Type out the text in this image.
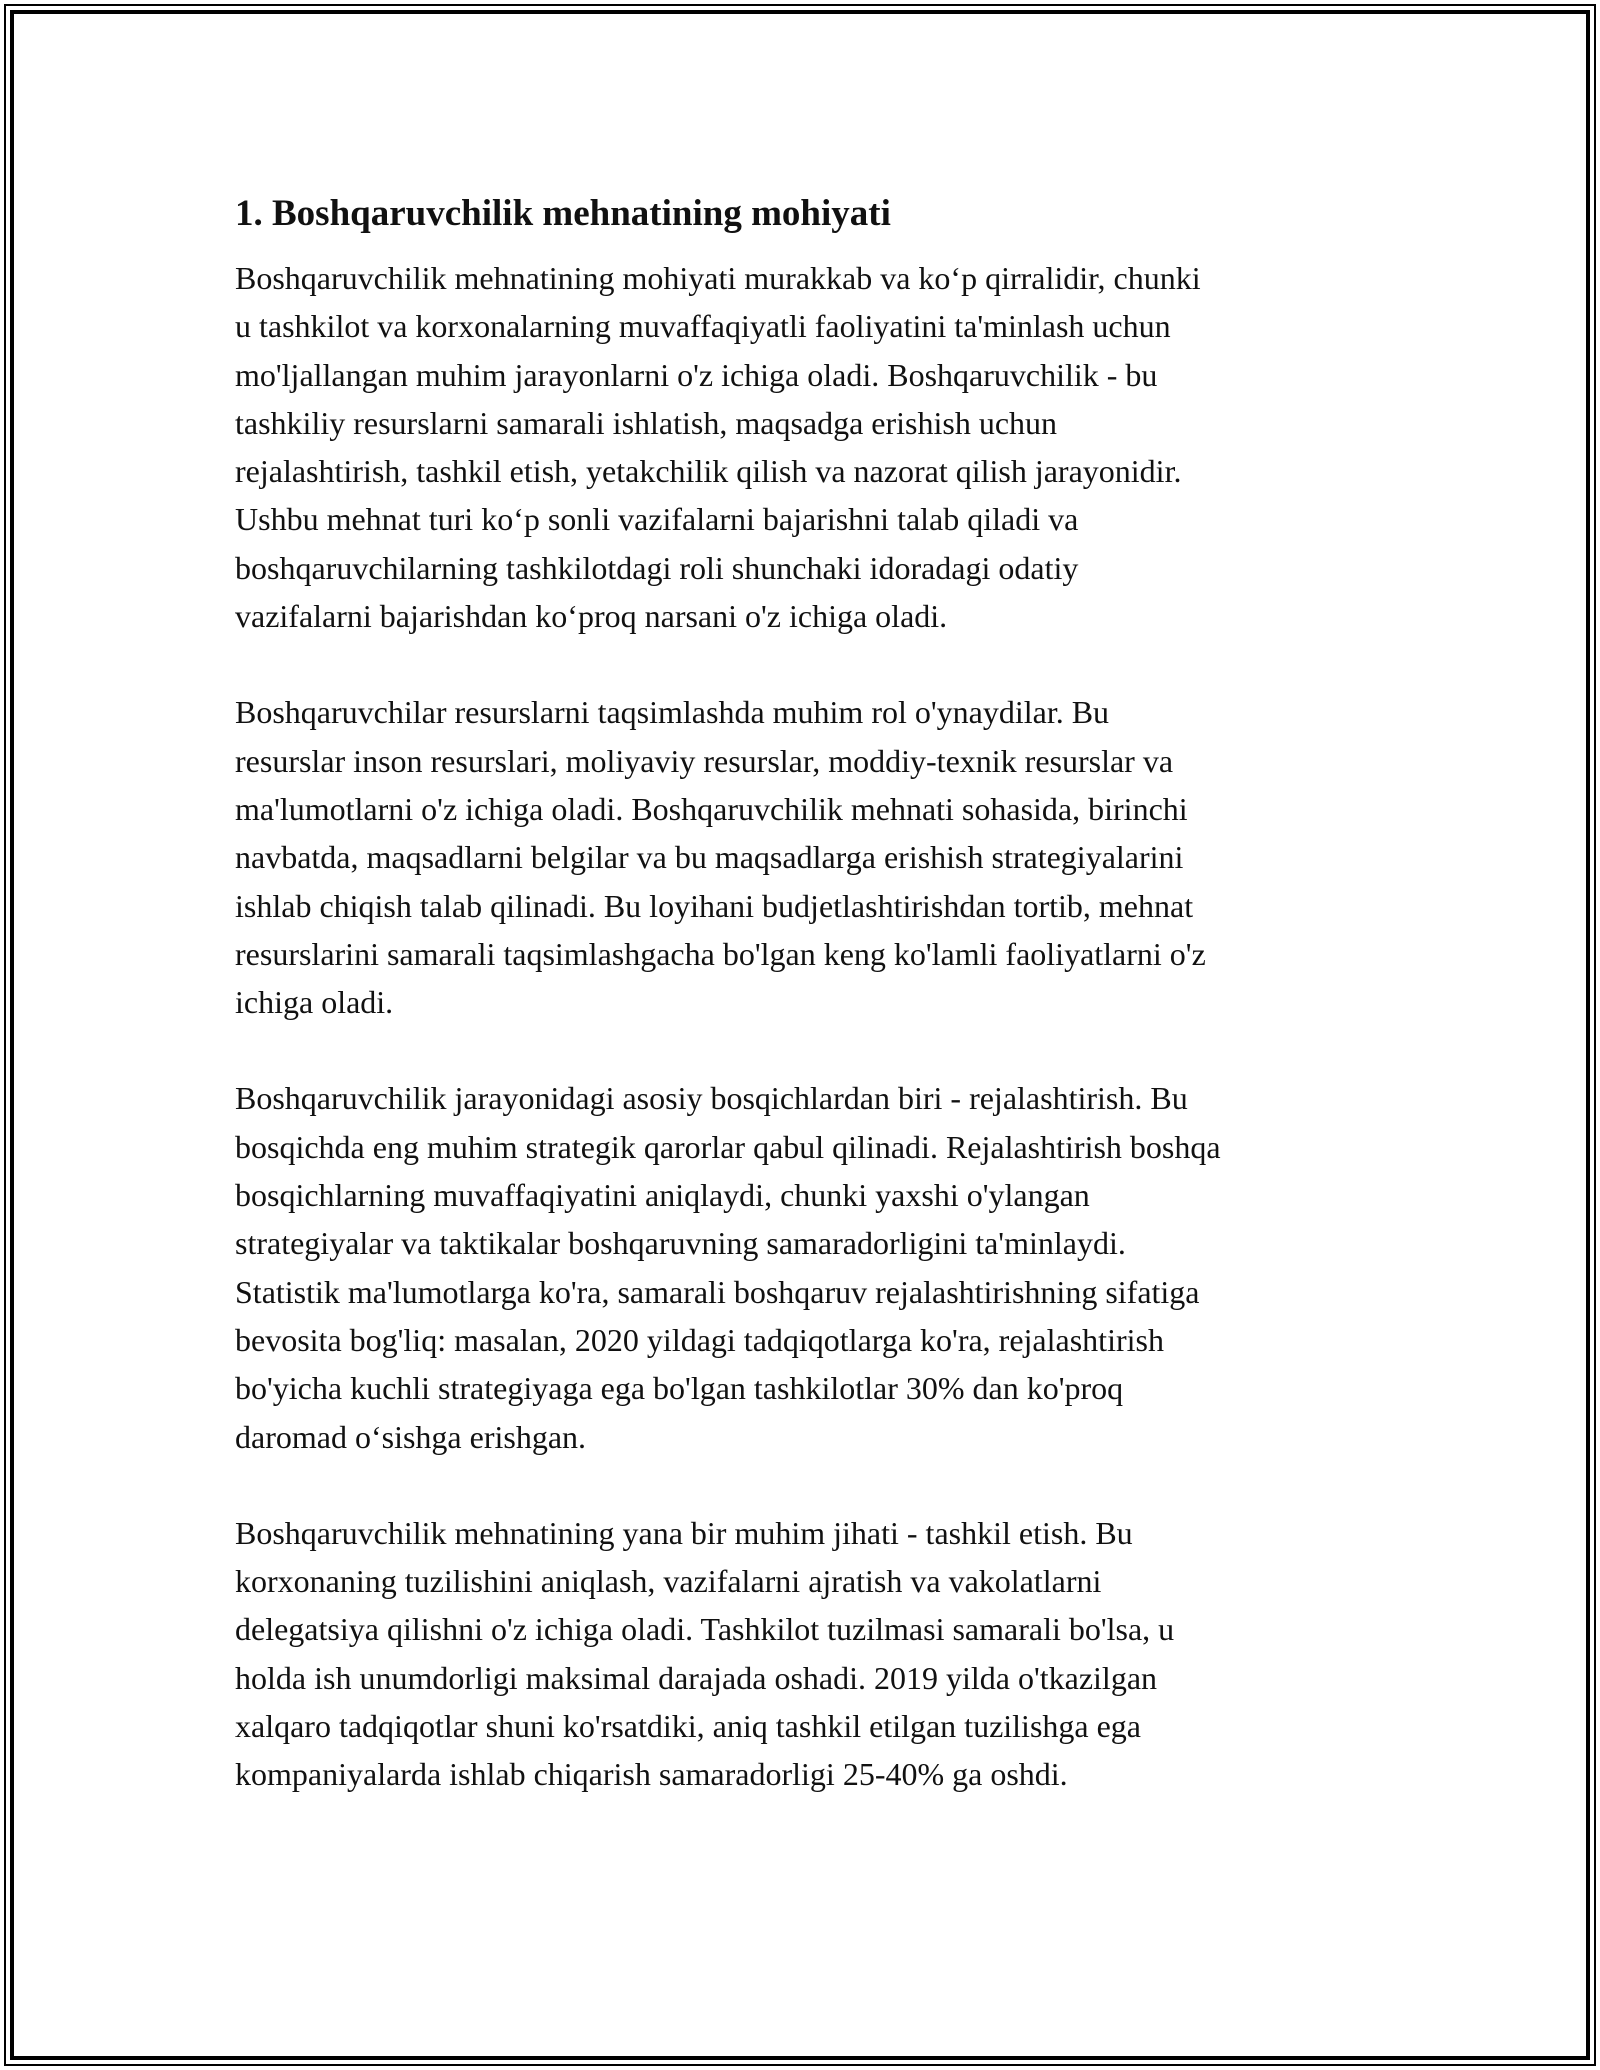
1. Boshqaruvchilik mehnatining mohiyati

Boshqaruvchilik mehnatining mohiyati murakkab va koʻp qirralidir, chunki
u tashkilot va korxonalarning muvaffaqiyatli faoliyatini ta'minlash uchun
mo'ljallangan muhim jarayonlarni o'z ichiga oladi. Boshqaruvchilik - bu
tashkiliy resurslarni samarali ishlatish, maqsadga erishish uchun
rejalashtirish, tashkil etish, yetakchilik qilish va nazorat qilish jarayonidir.
Ushbu mehnat turi koʻp sonli vazifalarni bajarishni talab qiladi va
boshqaruvchilarning tashkilotdagi roli shunchaki idoradagi odatiy
vazifalarni bajarishdan koʻproq narsani o'z ichiga oladi.

Boshqaruvchilar resurslarni taqsimlashda muhim rol o'ynaydilar. Bu
resurslar inson resurslari, moliyaviy resurslar, moddiy-texnik resurslar va
ma'lumotlarni o'z ichiga oladi. Boshqaruvchilik mehnati sohasida, birinchi
navbatda, maqsadlarni belgilar va bu maqsadlarga erishish strategiyalarini
ishlab chiqish talab qilinadi. Bu loyihani budjetlashtirishdan tortib, mehnat
resurslarini samarali taqsimlashgacha bo'lgan keng ko'lamli faoliyatlarni o'z
ichiga oladi.

Boshqaruvchilik jarayonidagi asosiy bosqichlardan biri - rejalashtirish. Bu
bosqichda eng muhim strategik qarorlar qabul qilinadi. Rejalashtirish boshqa
bosqichlarning muvaffaqiyatini aniqlaydi, chunki yaxshi o'ylangan
strategiyalar va taktikalar boshqaruvning samaradorligini ta'minlaydi.
Statistik ma'lumotlarga ko'ra, samarali boshqaruv rejalashtirishning sifatiga
bevosita bog'liq: masalan, 2020 yildagi tadqiqotlarga ko'ra, rejalashtirish
bo'yicha kuchli strategiyaga ega bo'lgan tashkilotlar 30% dan ko'proq
daromad oʻsishga erishgan.

Boshqaruvchilik mehnatining yana bir muhim jihati - tashkil etish. Bu
korxonaning tuzilishini aniqlash, vazifalarni ajratish va vakolatlarni
delegatsiya qilishni o'z ichiga oladi. Tashkilot tuzilmasi samarali bo'lsa, u
holda ish unumdorligi maksimal darajada oshadi. 2019 yilda o'tkazilgan
xalqaro tadqiqotlar shuni ko'rsatdiki, aniq tashkil etilgan tuzilishga ega
kompaniyalarda ishlab chiqarish samaradorligi 25-40% ga oshdi.
